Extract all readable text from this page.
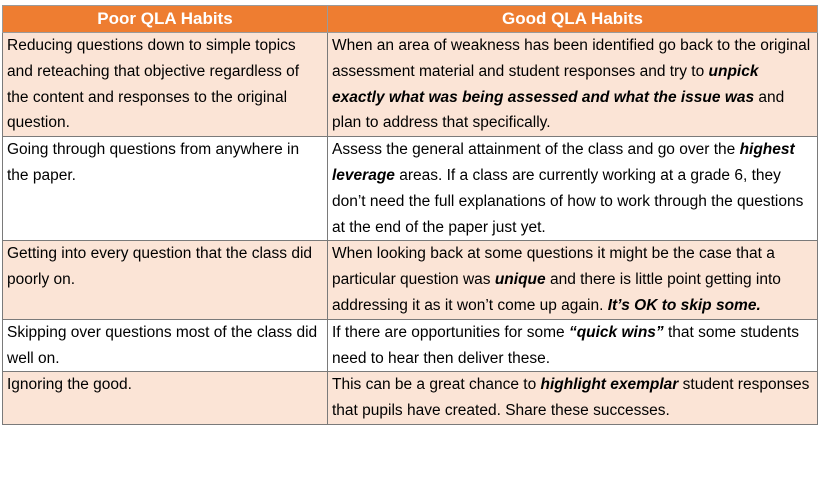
Poor QLA Habits	Good QLA Habits
Reducing questions down to simple topics and reteaching that objective regardless of the content and responses to the original question.	When an area of weakness has been identified go back to the original assessment material and student responses and try to unpick exactly what was being assessed and what the issue was and plan to address that specifically.
Going through questions from anywhere in the paper.	Assess the general attainment of the class and go over the highest leverage areas. If a class are currently working at a grade 6, they don’t need the full explanations of how to work through the questions at the end of the paper just yet.
Getting into every question that the class did poorly on.	When looking back at some questions it might be the case that a particular question was unique and there is little point getting into addressing it as it won’t come up again. It’s OK to skip some.
Skipping over questions most of the class did well on.	If there are opportunities for some “quick wins” that some students need to hear then deliver these.
Ignoring the good.	This can be a great chance to highlight exemplar student responses that pupils have created. Share these successes.
